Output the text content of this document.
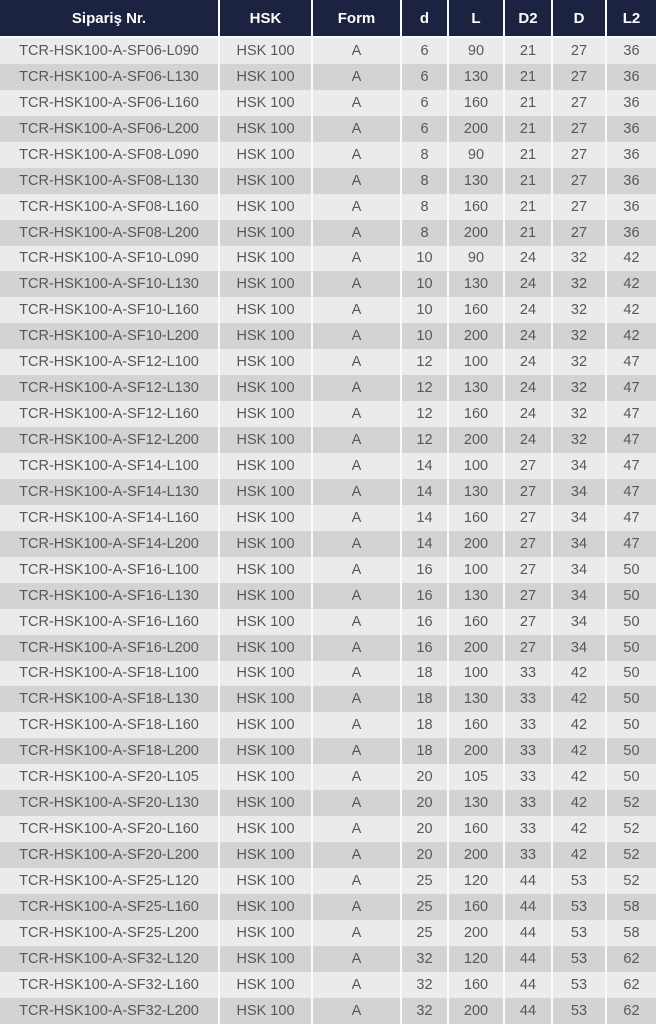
Sipariş Nr.	HSK	Form	d	L	D2	D	L2
TCR-HSK100-A-SF06-L090	HSK 100	A	6	90	21	27	36
TCR-HSK100-A-SF06-L130	HSK 100	A	6	130	21	27	36
TCR-HSK100-A-SF06-L160	HSK 100	A	6	160	21	27	36
TCR-HSK100-A-SF06-L200	HSK 100	A	6	200	21	27	36
TCR-HSK100-A-SF08-L090	HSK 100	A	8	90	21	27	36
TCR-HSK100-A-SF08-L130	HSK 100	A	8	130	21	27	36
TCR-HSK100-A-SF08-L160	HSK 100	A	8	160	21	27	36
TCR-HSK100-A-SF08-L200	HSK 100	A	8	200	21	27	36
TCR-HSK100-A-SF10-L090	HSK 100	A	10	90	24	32	42
TCR-HSK100-A-SF10-L130	HSK 100	A	10	130	24	32	42
TCR-HSK100-A-SF10-L160	HSK 100	A	10	160	24	32	42
TCR-HSK100-A-SF10-L200	HSK 100	A	10	200	24	32	42
TCR-HSK100-A-SF12-L100	HSK 100	A	12	100	24	32	47
TCR-HSK100-A-SF12-L130	HSK 100	A	12	130	24	32	47
TCR-HSK100-A-SF12-L160	HSK 100	A	12	160	24	32	47
TCR-HSK100-A-SF12-L200	HSK 100	A	12	200	24	32	47
TCR-HSK100-A-SF14-L100	HSK 100	A	14	100	27	34	47
TCR-HSK100-A-SF14-L130	HSK 100	A	14	130	27	34	47
TCR-HSK100-A-SF14-L160	HSK 100	A	14	160	27	34	47
TCR-HSK100-A-SF14-L200	HSK 100	A	14	200	27	34	47
TCR-HSK100-A-SF16-L100	HSK 100	A	16	100	27	34	50
TCR-HSK100-A-SF16-L130	HSK 100	A	16	130	27	34	50
TCR-HSK100-A-SF16-L160	HSK 100	A	16	160	27	34	50
TCR-HSK100-A-SF16-L200	HSK 100	A	16	200	27	34	50
TCR-HSK100-A-SF18-L100	HSK 100	A	18	100	33	42	50
TCR-HSK100-A-SF18-L130	HSK 100	A	18	130	33	42	50
TCR-HSK100-A-SF18-L160	HSK 100	A	18	160	33	42	50
TCR-HSK100-A-SF18-L200	HSK 100	A	18	200	33	42	50
TCR-HSK100-A-SF20-L105	HSK 100	A	20	105	33	42	50
TCR-HSK100-A-SF20-L130	HSK 100	A	20	130	33	42	52
TCR-HSK100-A-SF20-L160	HSK 100	A	20	160	33	42	52
TCR-HSK100-A-SF20-L200	HSK 100	A	20	200	33	42	52
TCR-HSK100-A-SF25-L120	HSK 100	A	25	120	44	53	52
TCR-HSK100-A-SF25-L160	HSK 100	A	25	160	44	53	58
TCR-HSK100-A-SF25-L200	HSK 100	A	25	200	44	53	58
TCR-HSK100-A-SF32-L120	HSK 100	A	32	120	44	53	62
TCR-HSK100-A-SF32-L160	HSK 100	A	32	160	44	53	62
TCR-HSK100-A-SF32-L200	HSK 100	A	32	200	44	53	62
